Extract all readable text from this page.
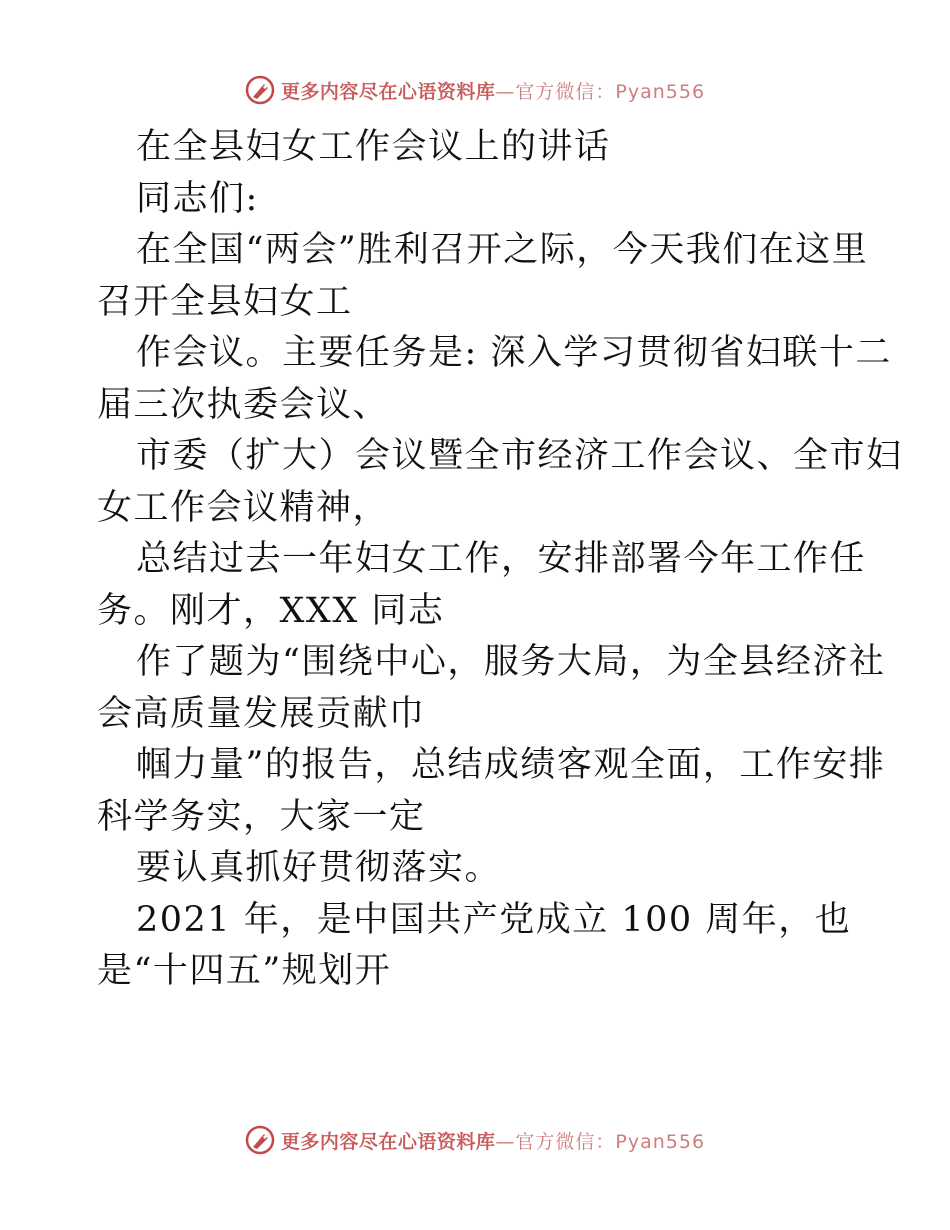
更多内容尽在心语资料库 —官方微信：Pyan556
在全县妇女工作会议上的讲话
同志们:
在全国“两会”胜利召开之际，今天我们在这里
召开全县妇女工
作会议。主要任务是: 深入学习贯彻省妇联十二
届三次执委会议、
市委（扩大）会议暨全市经济工作会议、全市妇
女工作会议精神，
总结过去一年妇女工作，安排部署今年工作任
务。刚才，XXX 同志
作了题为“围绕中心，服务大局，为全县经济社
会高质量发展贡献巾
帼力量”的报告，总结成绩客观全面，工作安排
科学务实，大家一定
要认真抓好贯彻落实。
2021 年，是中国共产党成立 100 周年，也
是“十四五”规划开
更多内容尽在心语资料库 —官方微信：Pyan556
